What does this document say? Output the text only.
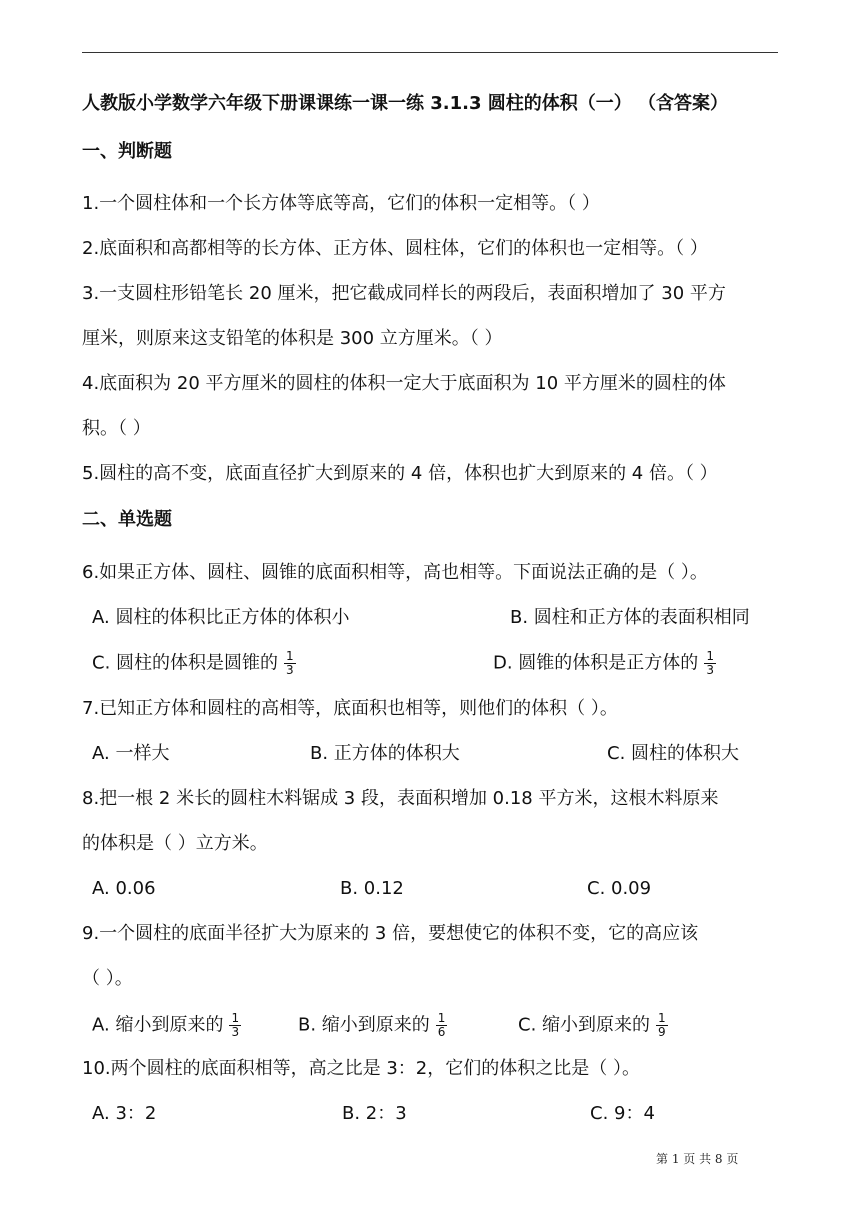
人教版小学数学六年级下册课课练一课一练 3.1.3 圆柱的体积（一） （含答案）
一、判断题
1.一个圆柱体和一个长方体等底等高，它们的体积一定相等。（ ）
2.底面积和高都相等的长方体、正方体、圆柱体，它们的体积也一定相等。（ ）
3.一支圆柱形铅笔长 20 厘米，把它截成同样长的两段后，表面积增加了 30 平方
厘米，则原来这支铅笔的体积是 300 立方厘米。（ ）
4.底面积为 20 平方厘米的圆柱的体积一定大于底面积为 10 平方厘米的圆柱的体
积。（ ）
5.圆柱的高不变，底面直径扩大到原来的 4 倍，体积也扩大到原来的 4 倍。（ ）
二、单选题
6.如果正方体、圆柱、圆锥的底面积相等，高也相等。下面说法正确的是（ ）。
A. 圆柱的体积比正方体的体积小	B. 圆柱和正方体的表面积相同
C. 圆柱的体积是圆锥的 $\frac{1}{3}$	D. 圆锥的体积是正方体的 $\frac{1}{3}$
7.已知正方体和圆柱的高相等，底面积也相等，则他们的体积（ ）。
A. 一样大	B. 正方体的体积大	C. 圆柱的体积大
8.把一根 2 米长的圆柱木料锯成 3 段，表面积增加 0.18 平方米，这根木料原来
的体积是（ ）立方米。
A. 0.06	B. 0.12	C. 0.09
9.一个圆柱的底面半径扩大为原来的 3 倍，要想使它的体积不变，它的高应该
（ ）。
A. 缩小到原来的 $\frac{1}{3}$	B. 缩小到原来的 $\frac{1}{6}$	C. 缩小到原来的 $\frac{1}{9}$
10.两个圆柱的底面积相等，高之比是 3：2，它们的体积之比是（ ）。
A. 3：2	B. 2：3	C. 9：4
第 1 页 共 8 页
